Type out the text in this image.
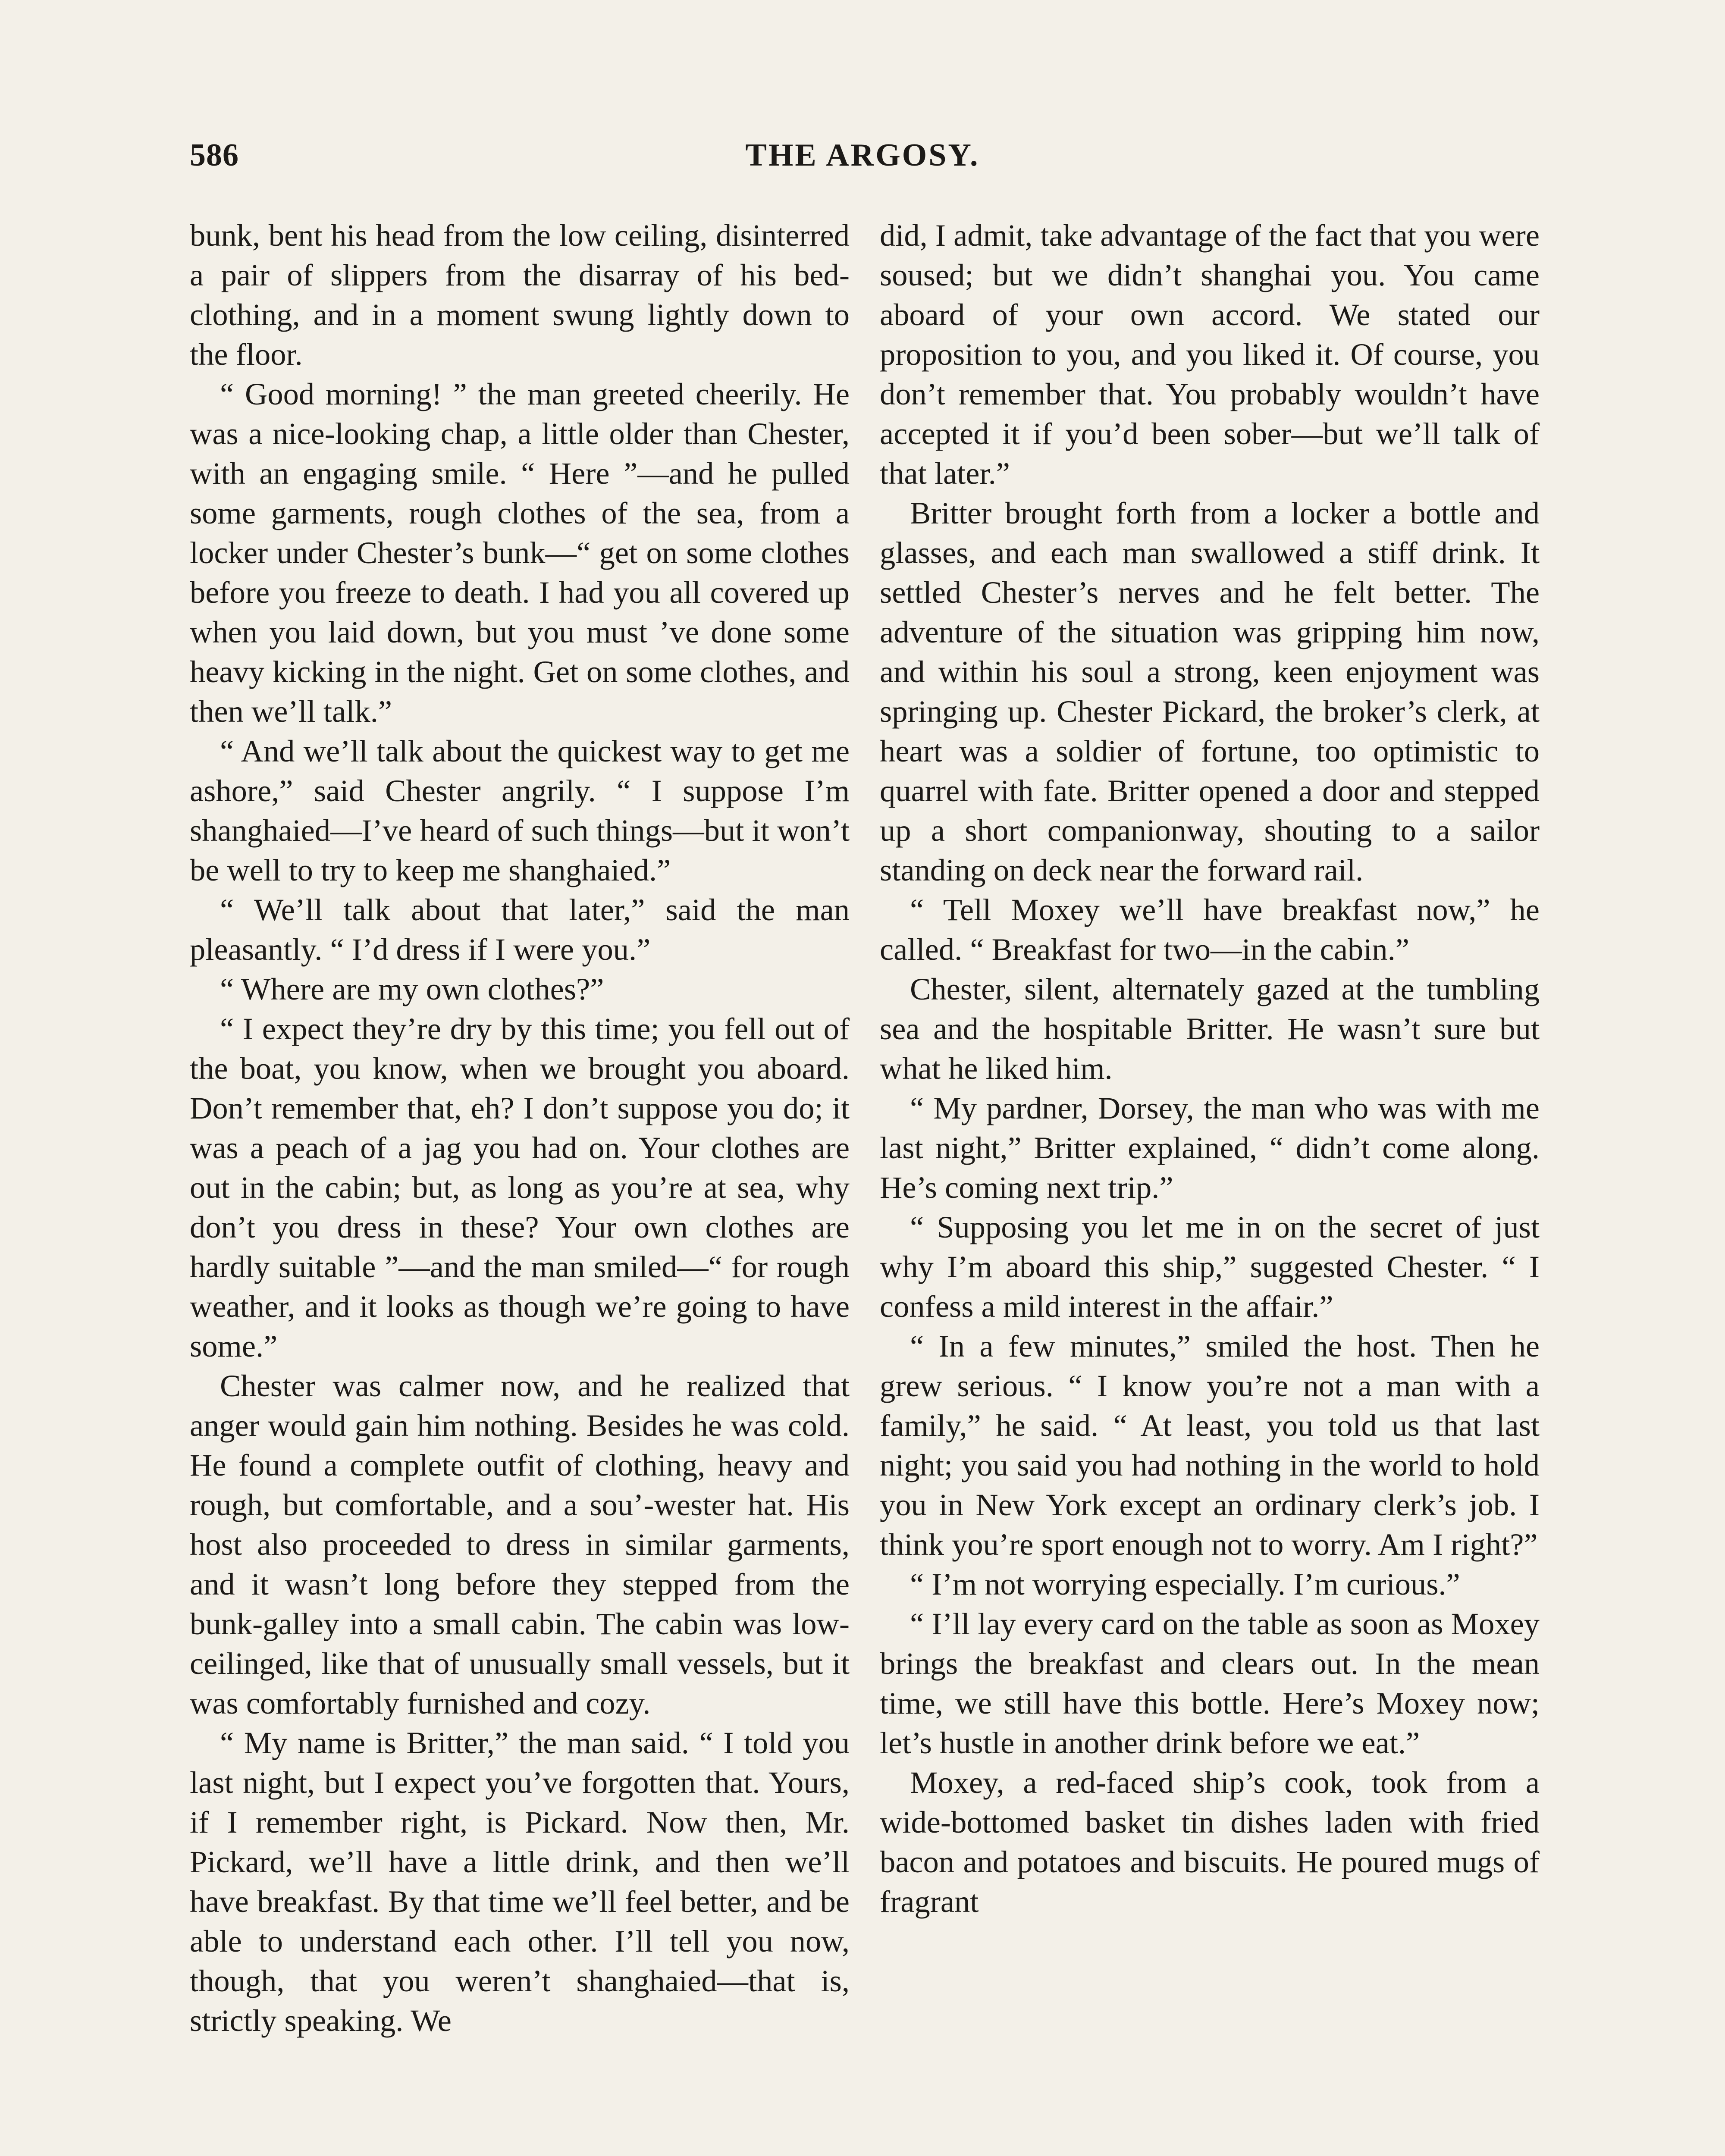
586	THE ARGOSY.

bunk, bent his head from the low ceiling, disinterred a pair of slippers from the disarray of his bed-clothing, and in a moment swung lightly down to the floor.

“ Good morning! ” the man greeted cheerily. He was a nice-looking chap, a little older than Chester, with an engaging smile. “ Here ”—and he pulled some garments, rough clothes of the sea, from a locker under Chester’s bunk—“ get on some clothes before you freeze to death. I had you all covered up when you laid down, but you must ’ve done some heavy kicking in the night. Get on some clothes, and then we’ll talk.”

“ And we’ll talk about the quickest way to get me ashore,” said Chester angrily. “ I suppose I’m shanghaied—I’ve heard of such things—but it won’t be well to try to keep me shanghaied.”

“ We’ll talk about that later,” said the man pleasantly. “ I’d dress if I were you.”

“ Where are my own clothes?”

“ I expect they’re dry by this time; you fell out of the boat, you know, when we brought you aboard. Don’t remember that, eh? I don’t suppose you do; it was a peach of a jag you had on. Your clothes are out in the cabin; but, as long as you’re at sea, why don’t you dress in these? Your own clothes are hardly suitable ”—and the man smiled—“ for rough weather, and it looks as though we’re going to have some.”

Chester was calmer now, and he realized that anger would gain him nothing. Besides he was cold. He found a complete outfit of clothing, heavy and rough, but comfortable, and a sou’-wester hat. His host also proceeded to dress in similar garments, and it wasn’t long before they stepped from the bunk-galley into a small cabin. The cabin was low-ceilinged, like that of unusually small vessels, but it was comfortably furnished and cozy.

“ My name is Britter,” the man said. “ I told you last night, but I expect you’ve forgotten that. Yours, if I remember right, is Pickard. Now then, Mr. Pickard, we’ll have a little drink, and then we’ll have breakfast. By that time we’ll feel better, and be able to understand each other. I’ll tell you now, though, that you weren’t shanghaied—that is, strictly speaking. We

did, I admit, take advantage of the fact that you were soused; but we didn’t shanghai you. You came aboard of your own accord. We stated our proposition to you, and you liked it. Of course, you don’t remember that. You probably wouldn’t have accepted it if you’d been sober—but we’ll talk of that later.”

Britter brought forth from a locker a bottle and glasses, and each man swallowed a stiff drink. It settled Chester’s nerves and he felt better. The adventure of the situation was gripping him now, and within his soul a strong, keen enjoyment was springing up. Chester Pickard, the broker’s clerk, at heart was a soldier of fortune, too optimistic to quarrel with fate. Britter opened a door and stepped up a short companionway, shouting to a sailor standing on deck near the forward rail.

“ Tell Moxey we’ll have breakfast now,” he called. “ Breakfast for two—in the cabin.”

Chester, silent, alternately gazed at the tumbling sea and the hospitable Britter. He wasn’t sure but what he liked him.

“ My pardner, Dorsey, the man who was with me last night,” Britter explained, “ didn’t come along. He’s coming next trip.”

“ Supposing you let me in on the secret of just why I’m aboard this ship,” suggested Chester. “ I confess a mild interest in the affair.”

“ In a few minutes,” smiled the host. Then he grew serious. “ I know you’re not a man with a family,” he said. “ At least, you told us that last night; you said you had nothing in the world to hold you in New York except an ordinary clerk’s job. I think you’re sport enough not to worry. Am I right?”

“ I’m not worrying especially. I’m curious.”

“ I’ll lay every card on the table as soon as Moxey brings the breakfast and clears out. In the mean time, we still have this bottle. Here’s Moxey now; let’s hustle in another drink before we eat.”

Moxey, a red-faced ship’s cook, took from a wide-bottomed basket tin dishes laden with fried bacon and potatoes and biscuits. He poured mugs of fragrant
